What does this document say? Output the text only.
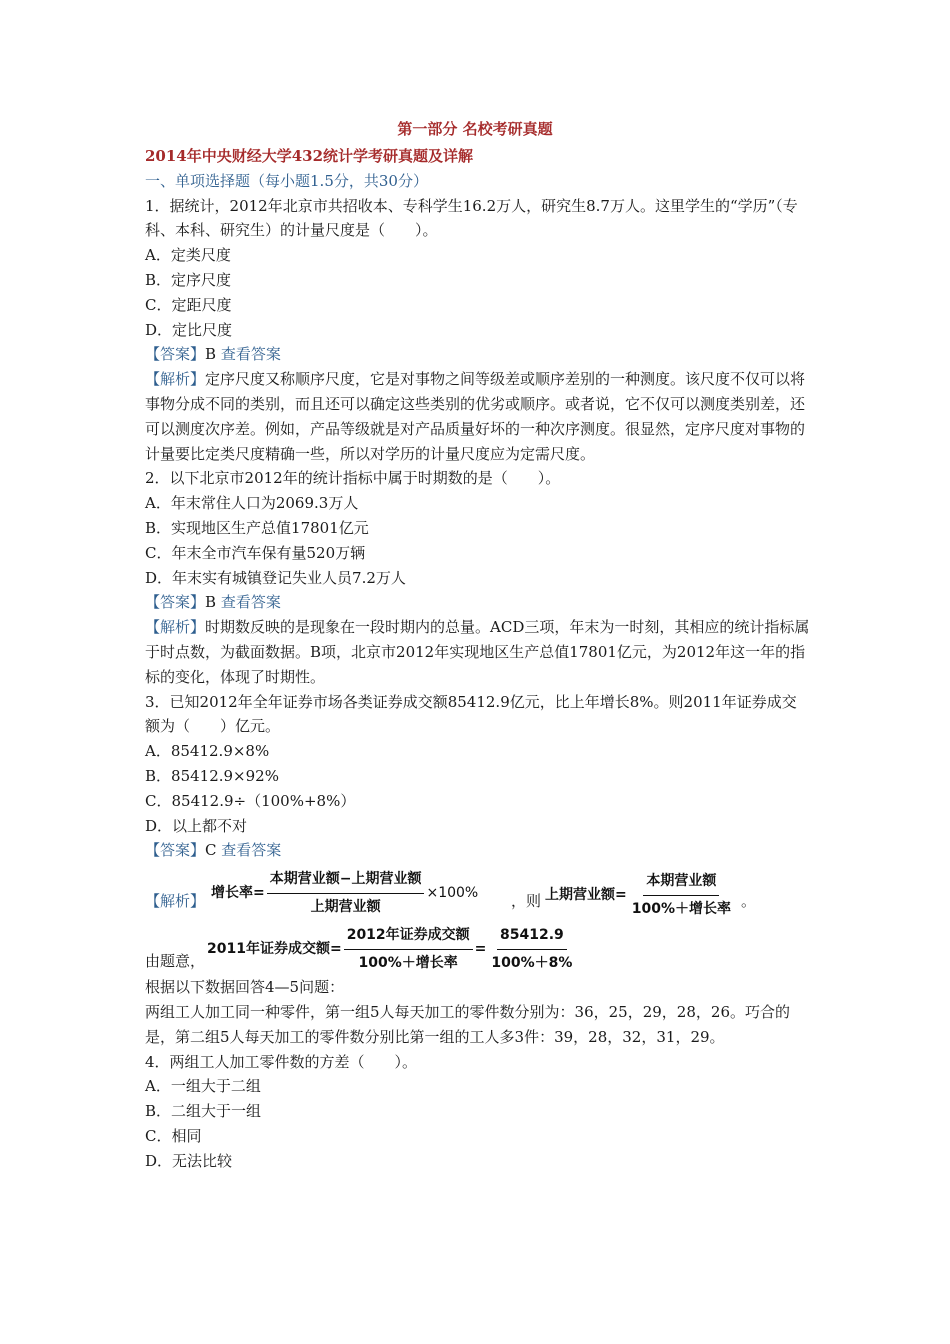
第一部分 名校考研真题

2014年中央财经大学432统计学考研真题及详解

一、单项选择题（每小题1.5分，共30分）

1．据统计，2012年北京市共招收本、专科学生16.2万人，研究生8.7万人。这里学生的“学历”（专科、本科、研究生）的计量尺度是（　　）。

A．定类尺度

B．定序尺度

C．定距尺度

D．定比尺度

【答案】B 查看答案

【解析】定序尺度又称顺序尺度，它是对事物之间等级差或顺序差别的一种测度。该尺度不仅可以将事物分成不同的类别，而且还可以确定这些类别的优劣或顺序。或者说，它不仅可以测度类别差，还可以测度次序差。例如，产品等级就是对产品质量好坏的一种次序测度。很显然，定序尺度对事物的计量要比定类尺度精确一些，所以对学历的计量尺度应为定需尺度。

2．以下北京市2012年的统计指标中属于时期数的是（　　）。

A．年末常住人口为2069.3万人

B．实现地区生产总值17801亿元

C．年末全市汽车保有量520万辆

D．年末实有城镇登记失业人员7.2万人

【答案】B 查看答案

【解析】时期数反映的是现象在一段时期内的总量。ACD三项，年末为一时刻，其相应的统计指标属于时点数，为截面数据。B项，北京市2012年实现地区生产总值17801亿元，为2012年这一年的指标的变化，体现了时期性。

3．已知2012年全年证券市场各类证券成交额85412.9亿元，比上年增长8%。则2011年证券成交额为（　　）亿元。

A．85412.9×8%

B．85412.9×92%

C．85412.9÷（100%+8%）

D．以上都不对

【答案】C 查看答案

【解析】 增长率= $\frac{\text{本期营业额−上期营业额}}{\text{上期营业额}} \times 100\%$ ，则 上期营业额= $\frac{\text{本期营业额}}{\text{100\%＋增长率}}$ 。
由题意，
2011年证券成交额= $\frac{\text{2012年证券成交额}}{\text{100\%＋增长率}} = \frac{85412.9}{100\%+8\%}$

根据以下数据回答4—5问题：

两组工人加工同一种零件，第一组5人每天加工的零件数分别为：36，25，29，28，26。巧合的是，第二组5人每天加工的零件数分别比第一组的工人多3件：39，28，32，31，29。

4．两组工人加工零件数的方差（　　）。

A．一组大于二组

B．二组大于一组

C．相同

D．无法比较
